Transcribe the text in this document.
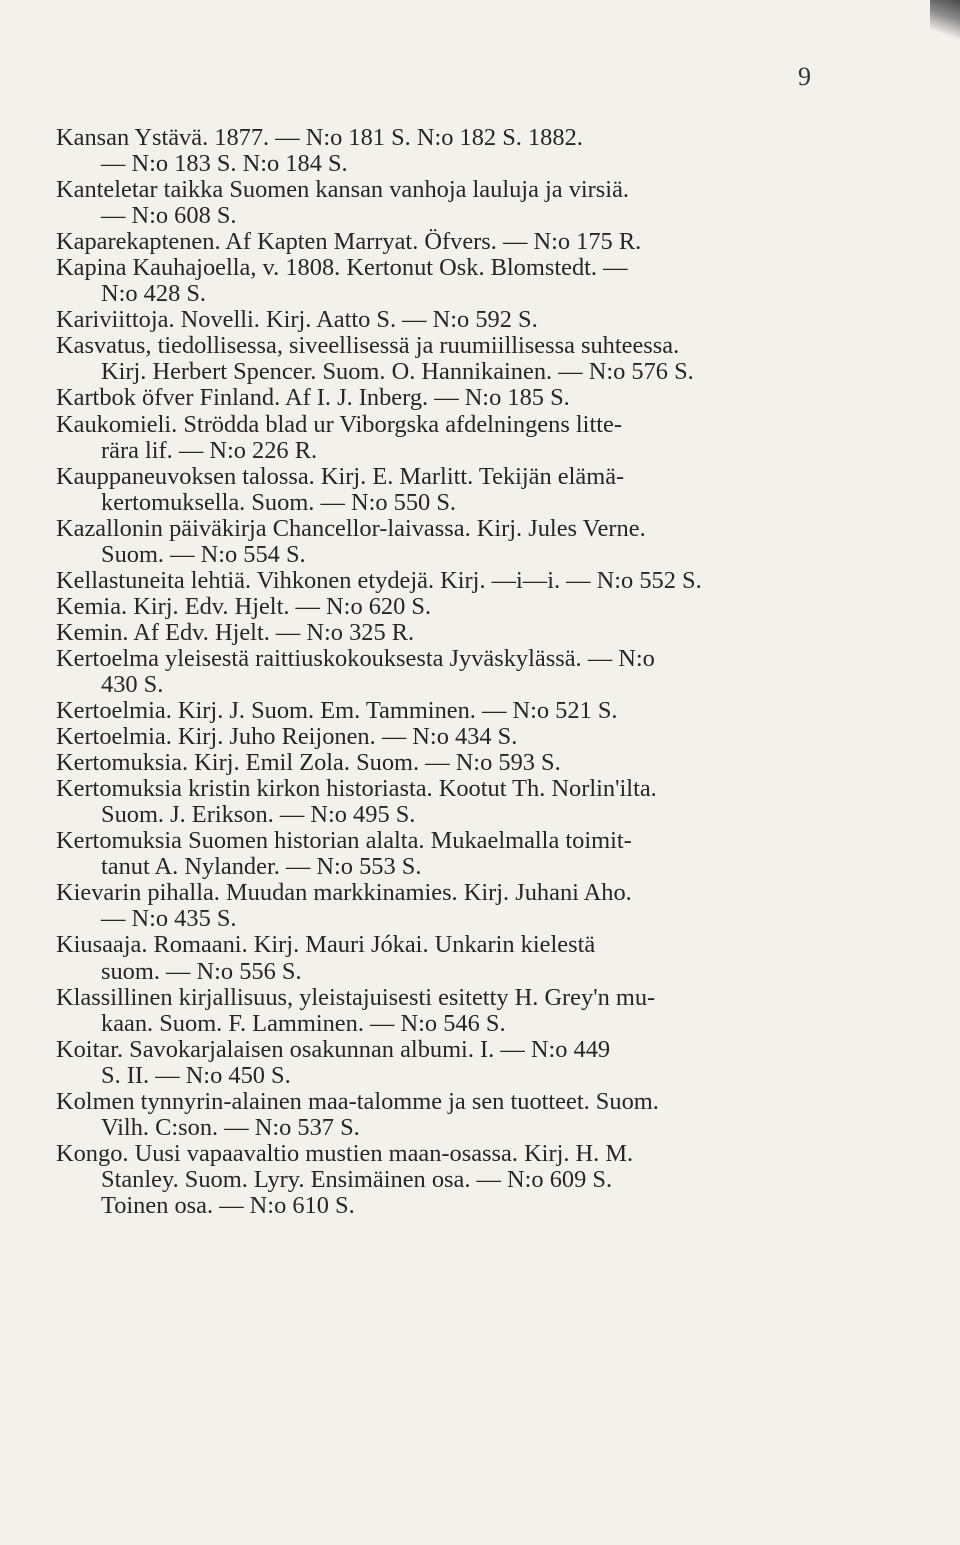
9

Kansan Ystävä. 1877. — N:o 181 S. N:o 182 S. 1882.
— N:o 183 S. N:o 184 S.

Kanteletar taikka Suomen kansan vanhoja lauluja ja virsiä.
— N:o 608 S.

Kaparekaptenen. Af Kapten Marryat. Öfvers. — N:o 175 R.

Kapina Kauhajoella, v. 1808. Kertonut Osk. Blomstedt. —
N:o 428 S.

Kariviittoja. Novelli. Kirj. Aatto S. — N:o 592 S.

Kasvatus, tiedollisessa, siveellisessä ja ruumiillisessa suhteessa.
Kirj. Herbert Spencer. Suom. O. Hannikainen. — N:o 576 S.

Kartbok öfver Finland. Af I. J. Inberg. — N:o 185 S.

Kaukomieli. Strödda blad ur Viborgska afdelningens litte-
rära lif. — N:o 226 R.

Kauppaneuvoksen talossa. Kirj. E. Marlitt. Tekijän elämä-
kertomuksella. Suom. — N:o 550 S.

Kazallonin päiväkirja Chancellor-laivassa. Kirj. Jules Verne.
Suom. — N:o 554 S.

Kellastuneita lehtiä. Vihkonen etydejä. Kirj. —i—i. — N:o 552 S.

Kemia. Kirj. Edv. Hjelt. — N:o 620 S.

Kemin. Af Edv. Hjelt. — N:o 325 R.

Kertoelma yleisestä raittiuskokouksesta Jyväskylässä. — N:o
430 S.

Kertoelmia. Kirj. J. Suom. Em. Tamminen. — N:o 521 S.

Kertoelmia. Kirj. Juho Reijonen. — N:o 434 S.

Kertomuksia. Kirj. Emil Zola. Suom. — N:o 593 S.

Kertomuksia kristin kirkon historiasta. Kootut Th. Norlin'ilta.
Suom. J. Erikson. — N:o 495 S.

Kertomuksia Suomen historian alalta. Mukaelmalla toimit-
tanut A. Nylander. — N:o 553 S.

Kievarin pihalla. Muudan markkinamies. Kirj. Juhani Aho.
— N:o 435 S.

Kiusaaja. Romaani. Kirj. Mauri Jókai. Unkarin kielestä
suom. — N:o 556 S.

Klassillinen kirjallisuus, yleistajuisesti esitetty H. Grey'n mu-
kaan. Suom. F. Lamminen. — N:o 546 S.

Koitar. Savokarjalaisen osakunnan albumi. I. — N:o 449
S. II. — N:o 450 S.

Kolmen tynnyrin-alainen maa-talomme ja sen tuotteet. Suom.
Vilh. C:son. — N:o 537 S.

Kongo. Uusi vapaavaltio mustien maan-osassa. Kirj. H. M.
Stanley. Suom. Lyry. Ensimäinen osa. — N:o 609 S.
Toinen osa. — N:o 610 S.
